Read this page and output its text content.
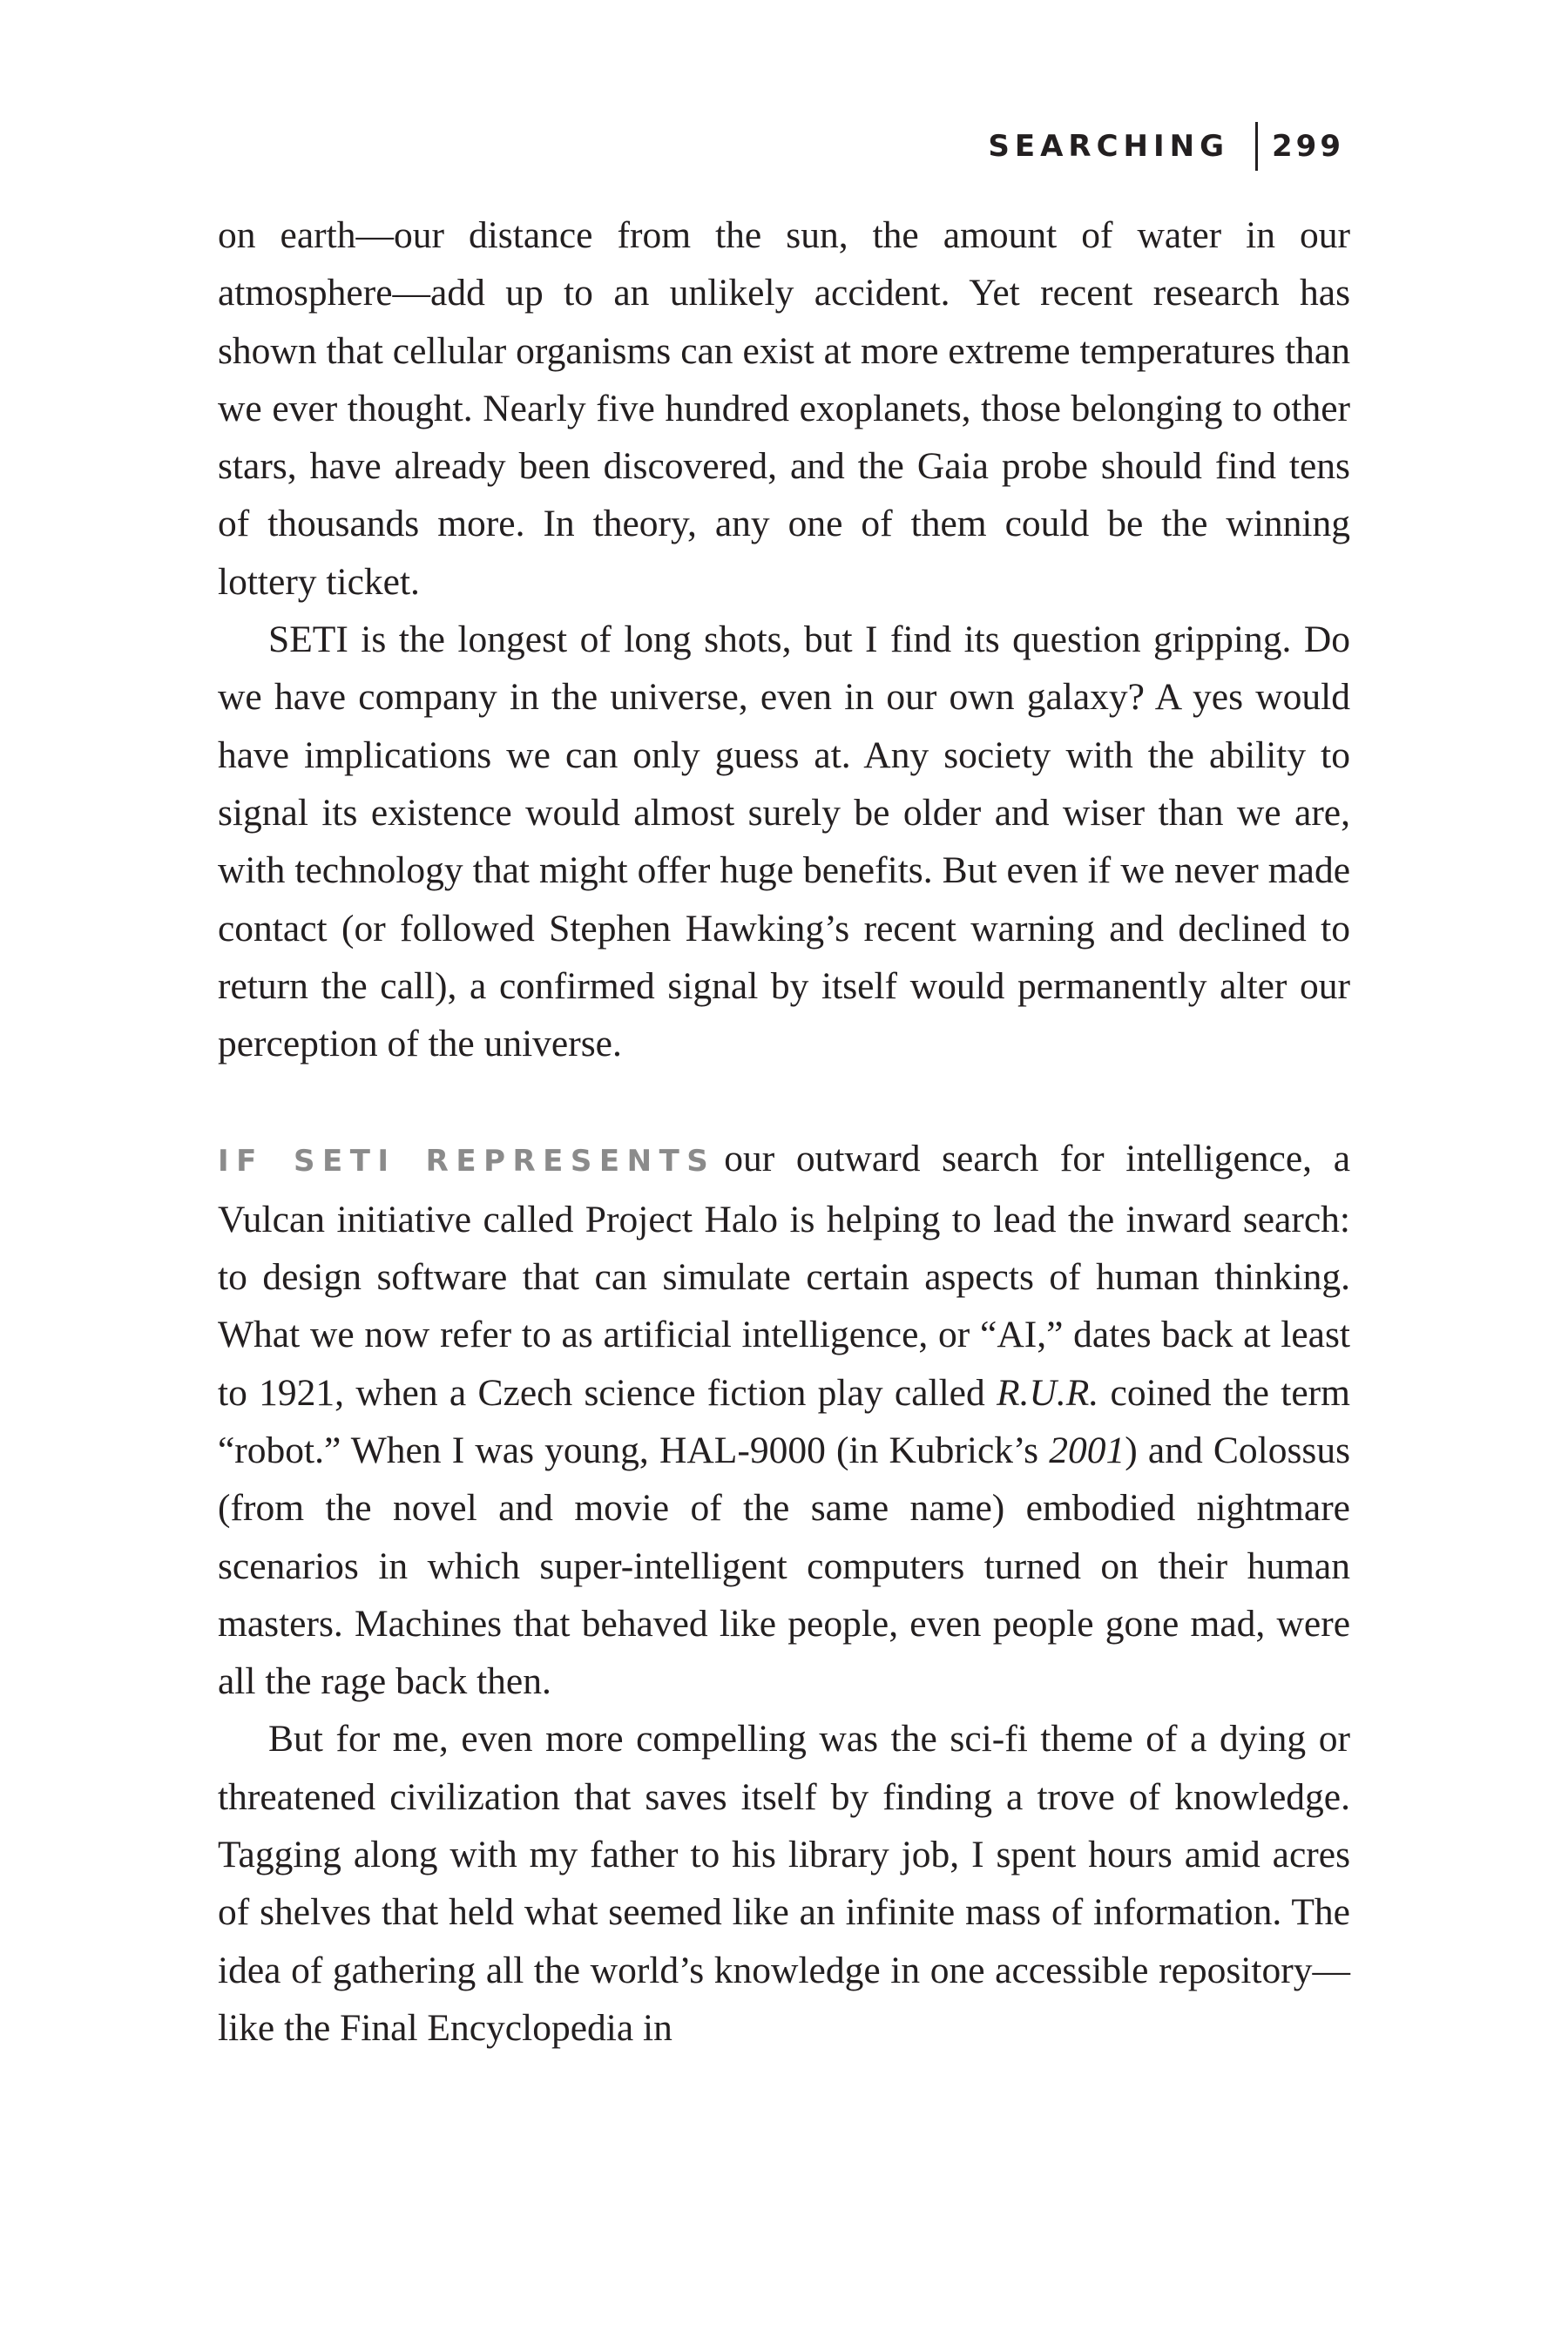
SEARCHING 299

on earth—our distance from the sun, the amount of water in our atmosphere—add up to an unlikely accident. Yet recent research has shown that cellular organisms can exist at more extreme temperatures than we ever thought. Nearly five hundred exoplanets, those belonging to other stars, have already been discovered, and the Gaia probe should find tens of thousands more. In theory, any one of them could be the winning lottery ticket.

SETI is the longest of long shots, but I find its question gripping. Do we have company in the universe, even in our own galaxy? A yes would have implications we can only guess at. Any society with the ability to signal its existence would almost surely be older and wiser than we are, with technology that might offer huge benefits. But even if we never made contact (or followed Stephen Hawking’s recent warning and declined to return the call), a confirmed signal by itself would permanently alter our perception of the universe.

IF SETI REPRESENTS our outward search for intelligence, a Vulcan initiative called Project Halo is helping to lead the inward search: to design software that can simulate certain aspects of human thinking. What we now refer to as artificial intelligence, or “AI,” dates back at least to 1921, when a Czech science fiction play called R.U.R. coined the term “robot.” When I was young, HAL-9000 (in Kubrick’s 2001) and Colossus (from the novel and movie of the same name) embodied nightmare scenarios in which super-intelligent computers turned on their human masters. Machines that behaved like people, even people gone mad, were all the rage back then.

But for me, even more compelling was the sci-fi theme of a dying or threatened civilization that saves itself by finding a trove of knowledge. Tagging along with my father to his library job, I spent hours amid acres of shelves that held what seemed like an infinite mass of information. The idea of gathering all the world’s knowledge in one accessible repository—like the Final Encyclopedia in
